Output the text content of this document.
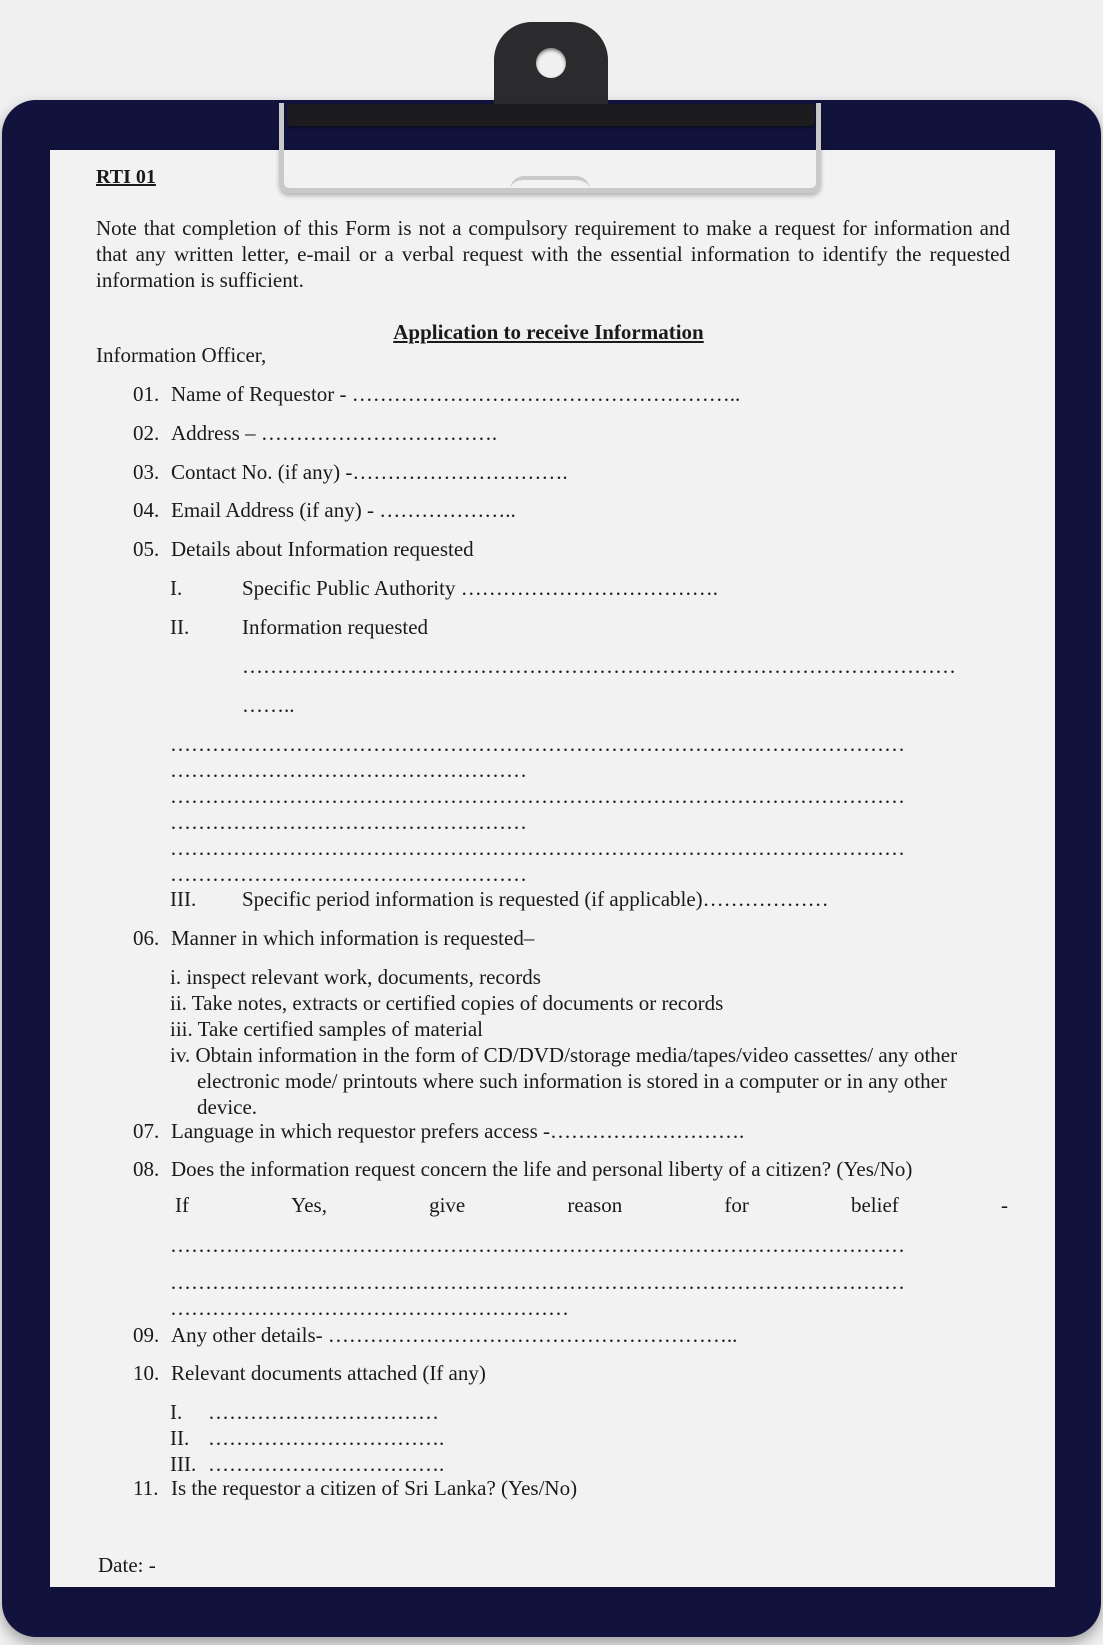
RTI 01
Note that completion of this Form is not a compulsory requirement to make a request for information and that any written letter, e-mail or a verbal request with the essential information to identify the requested information is sufficient.
Application to receive Information
Information Officer,
01. Name of Requestor - ………………………………………………..
02. Address – …………………………….
03. Contact No. (if any) -………………………….
04. Email Address (if any) - ………………..
05. Details about Information requested
I.	Specific Public Authority ……………………………….
II.	Information requested
…………………………………………………………………………………………
……..
……………………………………………………………………………………………
……………………………………………
……………………………………………………………………………………………
……………………………………………
……………………………………………………………………………………………
……………………………………………
III. Specific period information is requested (if applicable)………………
06. Manner in which information is requested–
i. inspect relevant work, documents, records
ii. Take notes, extracts or certified copies of documents or records
iii. Take certified samples of material
iv. Obtain information in the form of CD/DVD/storage media/tapes/video cassettes/ any other
electronic mode/ printouts where such information is stored in a computer or in any other
device.
07. Language in which requestor prefers access -……………………….
08. Does the information request concern the life and personal liberty of a citizen? (Yes/No)
If	Yes,	give	reason	for	belief	-
……………………………………………………………………………………………
……………………………………………………………………………………………
…………………………………………………
09. Any other details- …………………………………………………..
10. Relevant documents attached (If any)
I. ……………………………
II. …………………………….
III. …………………………….
11. Is the requestor a citizen of Sri Lanka? (Yes/No)
Date: -
